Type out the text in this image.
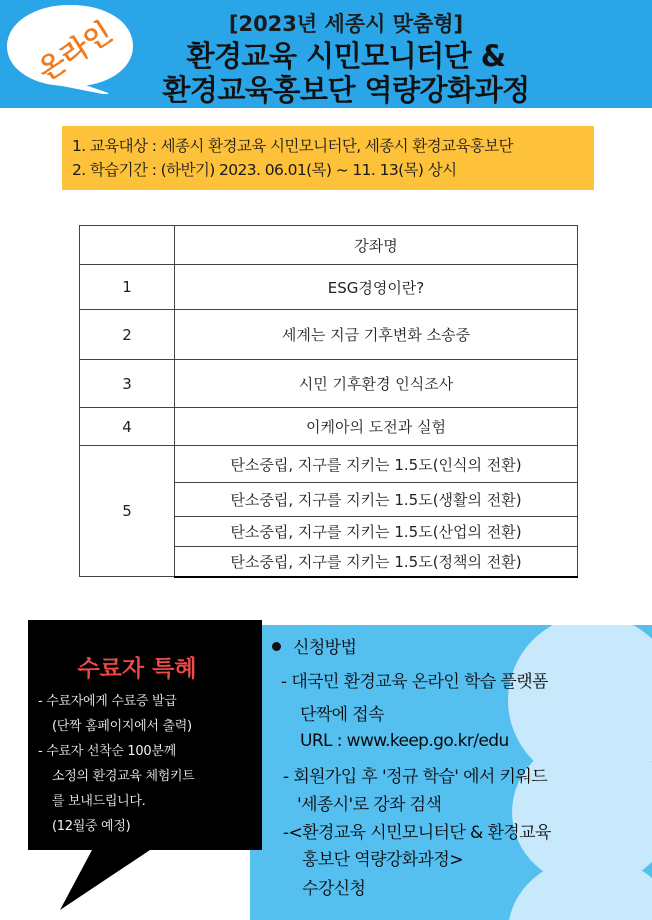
온라인	[2023년 세종시 맞춤형]
환경교육 시민모니터단 &
환경교육홍보단 역량강화과정
1. 교육대상 : 세종시 환경교육 시민모니터단, 세종시 환경교육홍보단
2. 학습기간 : (하반기) 2023. 06.01(목) ~ 11. 13(목) 상시
	강좌명
1	ESG경영이란?
2	세계는 지금 기후변화 소송중
3	시민 기후환경 인식조사
4	이케아의 도전과 실험
5	탄소중립, 지구를 지키는 1.5도(인식의 전환)
	탄소중립, 지구를 지키는 1.5도(생활의 전환)
	탄소중립, 지구를 지키는 1.5도(산업의 전환)
	탄소중립, 지구를 지키는 1.5도(정책의 전환)
신청방법
- 대국민 환경교육 온라인 학습 플랫폼
단짝에 접속
URL : www.keep.go.kr/edu
- 회원가입 후 '정규 학습' 에서 키워드
'세종시'로 강좌 검색
-<환경교육 시민모니터단 & 환경교육
홍보단 역량강화과정>
수강신청
수료자 특혜
- 수료자에게 수료증 발급
(단짝 홈페이지에서 출력)
- 수료자 선착순 100분께
소정의 환경교육 체험키트
를 보내드립니다.
(12월중 예정)
